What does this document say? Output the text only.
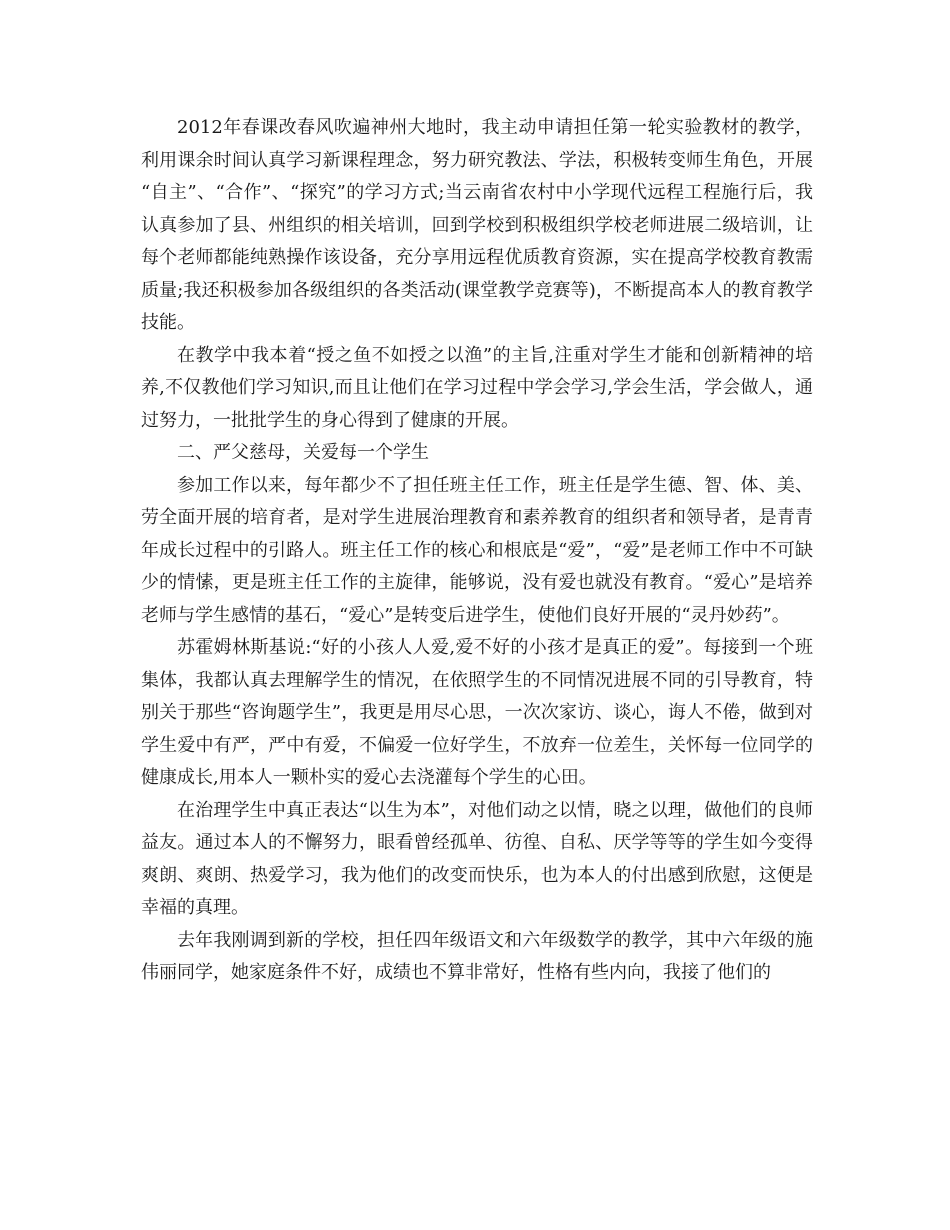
2012年春课改春风吹遍神州大地时，我主动申请担任第一轮实验教材的教学，利用课余时间认真学习新课程理念，努力研究教法、学法，积极转变师生角色，开展“自主”、“合作”、“探究”的学习方式;当云南省农村中小学现代远程工程施行后，我认真参加了县、州组织的相关培训，回到学校到积极组织学校老师进展二级培训，让每个老师都能纯熟操作该设备，充分享用远程优质教育资源，实在提高学校教育教需质量;我还积极参加各级组织的各类活动(课堂教学竞赛等)，不断提高本人的教育教学技能。

在教学中我本着“授之鱼不如授之以渔”的主旨,注重对学生才能和创新精神的培养,不仅教他们学习知识,而且让他们在学习过程中学会学习,学会生活，学会做人，通过努力，一批批学生的身心得到了健康的开展。

二、严父慈母，关爱每一个学生

参加工作以来，每年都少不了担任班主任工作，班主任是学生德、智、体、美、劳全面开展的培育者，是对学生进展治理教育和素养教育的组织者和领导者，是青青年成长过程中的引路人。班主任工作的核心和根底是“爱”，“爱”是老师工作中不可缺少的情愫，更是班主任工作的主旋律，能够说，没有爱也就没有教育。“爱心”是培养老师与学生感情的基石，“爱心”是转变后进学生，使他们良好开展的“灵丹妙药”。

苏霍姆林斯基说:“好的小孩人人爱,爱不好的小孩才是真正的爱”。每接到一个班集体，我都认真去理解学生的情况，在依照学生的不同情况进展不同的引导教育，特别关于那些“咨询题学生”，我更是用尽心思，一次次家访、谈心，诲人不倦，做到对学生爱中有严，严中有爱，不偏爱一位好学生，不放弃一位差生，关怀每一位同学的健康成长,用本人一颗朴实的爱心去浇灌每个学生的心田。

在治理学生中真正表达“以生为本”，对他们动之以情，晓之以理，做他们的良师益友。通过本人的不懈努力，眼看曾经孤单、彷徨、自私、厌学等等的学生如今变得爽朗、爽朗、热爱学习，我为他们的改变而快乐，也为本人的付出感到欣慰，这便是幸福的真理。

去年我刚调到新的学校，担任四年级语文和六年级数学的教学，其中六年级的施伟丽同学，她家庭条件不好，成绩也不算非常好，性格有些内向，我接了他们的
